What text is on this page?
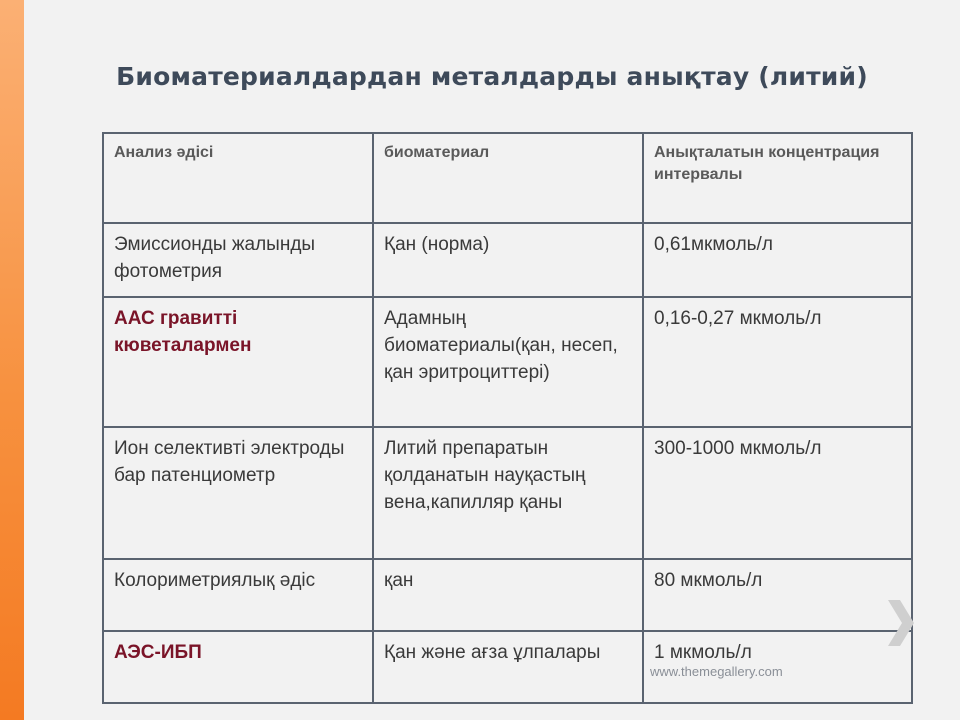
Биоматериалдардан металдарды анықтау (литий)
Анализ әдісі	биоматериал	Анықталатын концентрация интервалы

Эмиссионды жалынды фотометрия	Қан (норма)	0,61мкмоль/л

ААС гравитті кюветалармен	Адамның биоматериалы(қан, несеп, қан эритроциттері)	0,16-0,27 мкмоль/л

Ион селективті электроды бар патенциометр	Литий препаратын қолданатын науқастың вена,капилляр қаны	300-1000 мкмоль/л

Колориметриялық әдіс	қан	80 мкмоль/л

АЭС-ИБП	Қан және ағза ұлпалары	1 мкмоль/л
www.themegallery.com
